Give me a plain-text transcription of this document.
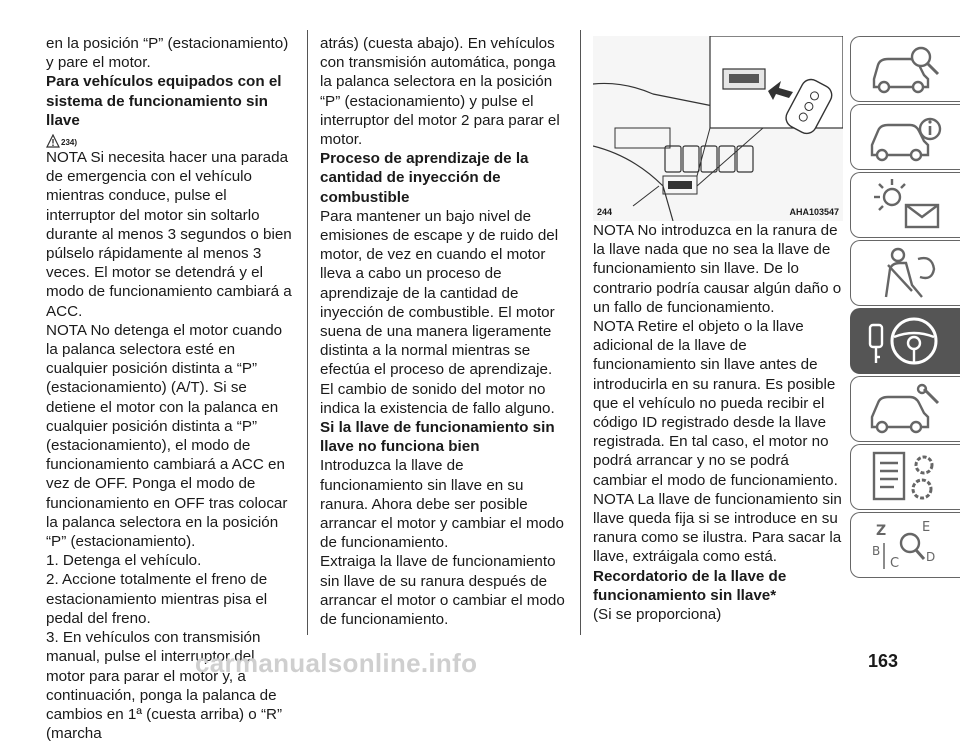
en la posición “P” (estacionamiento) y pare el motor.

Para vehículos equipados con el sistema de funcionamiento sin llave
234)

NOTA Si necesita hacer una parada de emergencia con el vehículo mientras conduce, pulse el interruptor del motor sin soltarlo durante al menos 3 segundos o bien púlselo rápidamente al menos 3 veces. El motor se detendrá y el modo de funcionamiento cambiará a ACC.

NOTA No detenga el motor cuando la palanca selectora esté en cualquier posición distinta a “P” (estacionamiento) (A/T). Si se detiene el motor con la palanca en cualquier posición distinta a “P” (estacionamiento), el modo de funcionamiento cambiará a ACC en vez de OFF. Ponga el modo de funcionamiento en OFF tras colocar la palanca selectora en la posición “P” (estacionamiento).

1. Detenga el vehículo.

2. Accione totalmente el freno de estacionamiento mientras pisa el pedal del freno.

3. En vehículos con transmisión manual, pulse el interruptor del motor para parar el motor y, a continuación, ponga la palanca de cambios en 1ª (cuesta arriba) o “R” (marcha

atrás) (cuesta abajo). En vehículos con transmisión automática, ponga la palanca selectora en la posición “P” (estacionamiento) y pulse el interruptor del motor 2 para parar el motor.

Proceso de aprendizaje de la cantidad de inyección de combustible

Para mantener un bajo nivel de emisiones de escape y de ruido del motor, de vez en cuando el motor lleva a cabo un proceso de aprendizaje de la cantidad de inyección de combustible. El motor suena de una manera ligeramente distinta a la normal mientras se efectúa el proceso de aprendizaje. El cambio de sonido del motor no indica la existencia de fallo alguno.

Si la llave de funcionamiento sin llave no funciona bien

Introduzca la llave de funcionamiento sin llave en su ranura. Ahora debe ser posible arrancar el motor y cambiar el modo de funcionamiento.

Extraiga la llave de funcionamiento sin llave de su ranura después de arrancar el motor o cambiar el modo de funcionamiento.

244	AHA103547

NOTA No introduzca en la ranura de la llave nada que no sea la llave de funcionamiento sin llave. De lo contrario podría causar algún daño o un fallo de funcionamiento.

NOTA Retire el objeto o la llave adicional de la llave de funcionamiento sin llave antes de introducirla en su ranura. Es posible que el vehículo no pueda recibir el código ID registrado desde la llave registrada. En tal caso, el motor no podrá arrancar y no se podrá cambiar el modo de funcionamiento.

NOTA La llave de funcionamiento sin llave queda fija si se introduce en su ranura como se ilustra. Para sacar la llave, extráigala como está.

Recordatorio de la llave de funcionamiento sin llave*

(Si se proporciona)

Z	E
B
C D
carmanualsonline.info	163
